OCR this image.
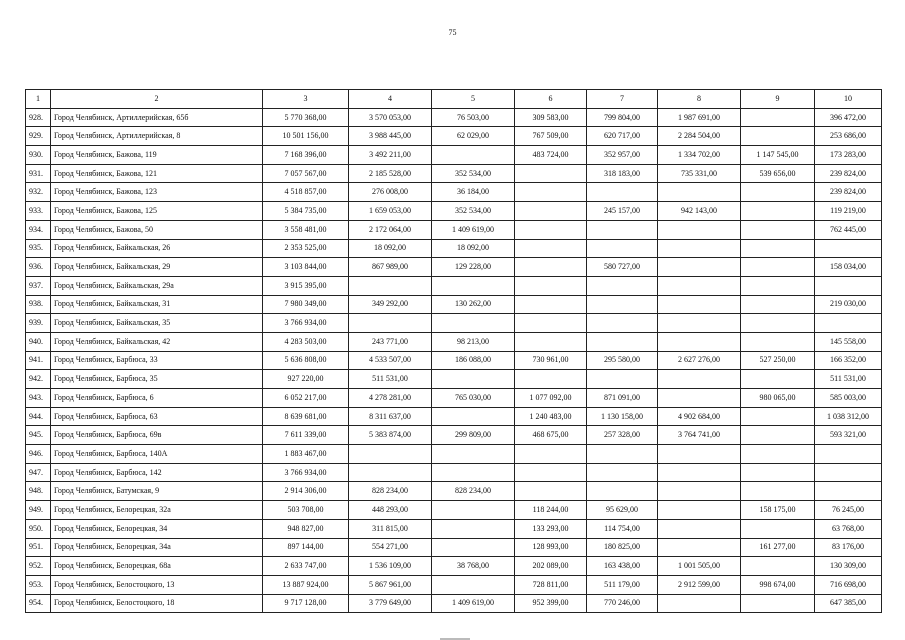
75
1	2	3	4	5	6	7	8	9	10
928.	Город Челябинск, Артиллерийская, 65б	5 770 368,00	3 570 053,00	76 503,00	309 583,00	799 804,00	1 987 691,00		396 472,00
929.	Город Челябинск, Артиллерийская, 8	10 501 156,00	3 988 445,00	62 029,00	767 509,00	620 717,00	2 284 504,00		253 686,00
930.	Город Челябинск, Бажова, 119	7 168 396,00	3 492 211,00		483 724,00	352 957,00	1 334 702,00	1 147 545,00	173 283,00
931.	Город Челябинск, Бажова, 121	7 057 567,00	2 185 528,00	352 534,00		318 183,00	735 331,00	539 656,00	239 824,00
932.	Город Челябинск, Бажова, 123	4 518 857,00	276 008,00	36 184,00					239 824,00
933.	Город Челябинск, Бажова, 125	5 384 735,00	1 659 053,00	352 534,00		245 157,00	942 143,00		119 219,00
934.	Город Челябинск, Бажова, 50	3 558 481,00	2 172 064,00	1 409 619,00					762 445,00
935.	Город Челябинск, Байкальская, 26	2 353 525,00	18 092,00	18 092,00					
936.	Город Челябинск, Байкальская, 29	3 103 844,00	867 989,00	129 228,00		580 727,00			158 034,00
937.	Город Челябинск, Байкальская, 29а	3 915 395,00							
938.	Город Челябинск, Байкальская, 31	7 980 349,00	349 292,00	130 262,00					219 030,00
939.	Город Челябинск, Байкальская, 35	3 766 934,00							
940.	Город Челябинск, Байкальская, 42	4 283 503,00	243 771,00	98 213,00					145 558,00
941.	Город Челябинск, Барбюса, 33	5 636 808,00	4 533 507,00	186 088,00	730 961,00	295 580,00	2 627 276,00	527 250,00	166 352,00
942.	Город Челябинск, Барбюса, 35	927 220,00	511 531,00						511 531,00
943.	Город Челябинск, Барбюса, 6	6 052 217,00	4 278 281,00	765 030,00	1 077 092,00	871 091,00		980 065,00	585 003,00
944.	Город Челябинск, Барбюса, 63	8 639 681,00	8 311 637,00		1 240 483,00	1 130 158,00	4 902 684,00		1 038 312,00
945.	Город Челябинск, Барбюса, 69в	7 611 339,00	5 383 874,00	299 809,00	468 675,00	257 328,00	3 764 741,00		593 321,00
946.	Город Челябинск, Барбюса, 140А	1 883 467,00							
947.	Город Челябинск, Барбюса, 142	3 766 934,00							
948.	Город Челябинск, Батумская, 9	2 914 306,00	828 234,00	828 234,00					
949.	Город Челябинск, Белорецкая, 32а	503 708,00	448 293,00		118 244,00	95 629,00		158 175,00	76 245,00
950.	Город Челябинск, Белорецкая, 34	948 827,00	311 815,00		133 293,00	114 754,00			63 768,00
951.	Город Челябинск, Белорецкая, 34а	897 144,00	554 271,00		128 993,00	180 825,00		161 277,00	83 176,00
952.	Город Челябинск, Белорецкая, 68а	2 633 747,00	1 536 109,00	38 768,00	202 089,00	163 438,00	1 001 505,00		130 309,00
953.	Город Челябинск, Белостоцкого, 13	13 887 924,00	5 867 961,00		728 811,00	511 179,00	2 912 599,00	998 674,00	716 698,00
954.	Город Челябинск, Белостоцкого, 18	9 717 128,00	3 779 649,00	1 409 619,00	952 399,00	770 246,00			647 385,00
